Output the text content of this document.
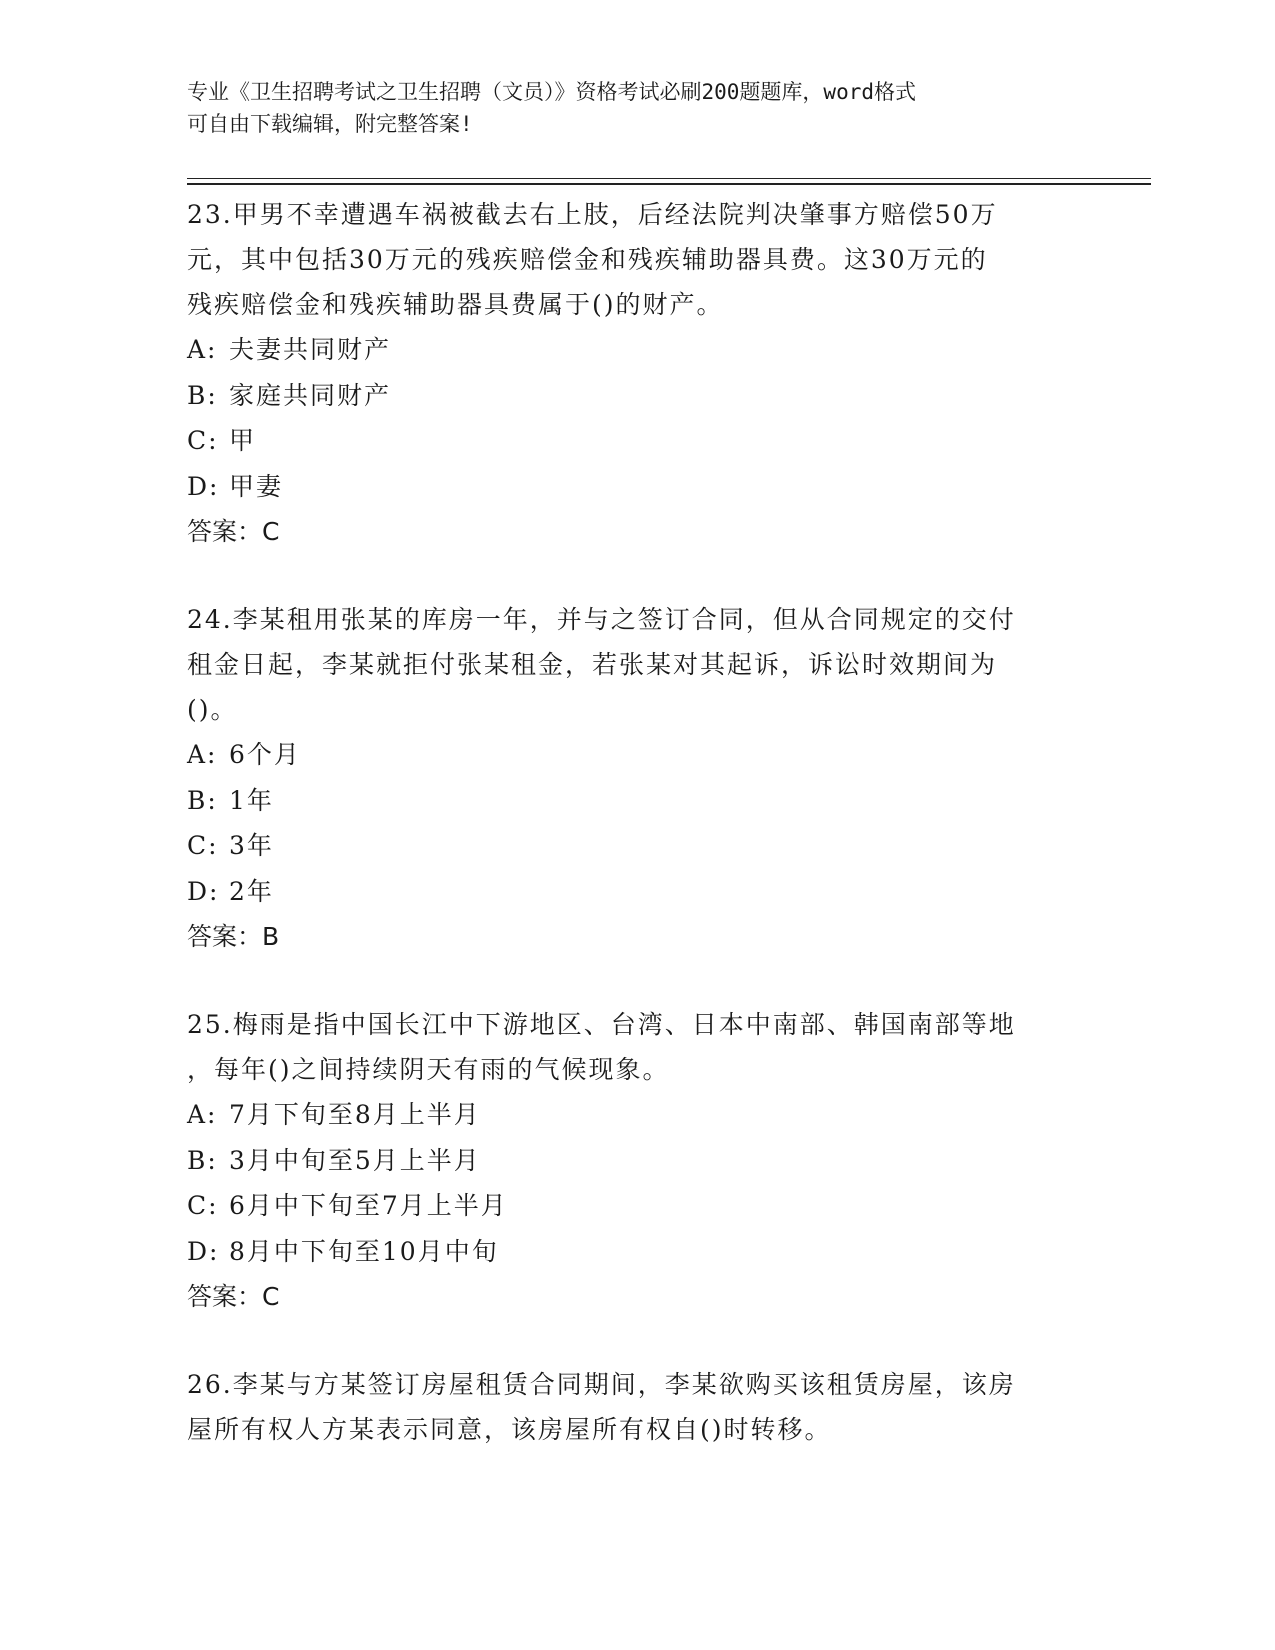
专业《卫生招聘考试之卫生招聘（文员）》资格考试必刷200题题库，word格式
可自由下载编辑，附完整答案!
23.甲男不幸遭遇车祸被截去右上肢，后经法院判决肇事方赔偿50万
元，其中包括30万元的残疾赔偿金和残疾辅助器具费。这30万元的
残疾赔偿金和残疾辅助器具费属于()的财产。
A: 夫妻共同财产
B: 家庭共同财产
C: 甲
D: 甲妻
答案：C
24.李某租用张某的库房一年，并与之签订合同，但从合同规定的交付
租金日起，李某就拒付张某租金，若张某对其起诉，诉讼时效期间为
()。
A: 6个月
B: 1年
C: 3年
D: 2年
答案：B
25.梅雨是指中国长江中下游地区、台湾、日本中南部、韩国南部等地
，每年()之间持续阴天有雨的气候现象。
A: 7月下旬至8月上半月
B: 3月中旬至5月上半月
C: 6月中下旬至7月上半月
D: 8月中下旬至10月中旬
答案：C
26.李某与方某签订房屋租赁合同期间，李某欲购买该租赁房屋，该房
屋所有权人方某表示同意，该房屋所有权自()时转移。
